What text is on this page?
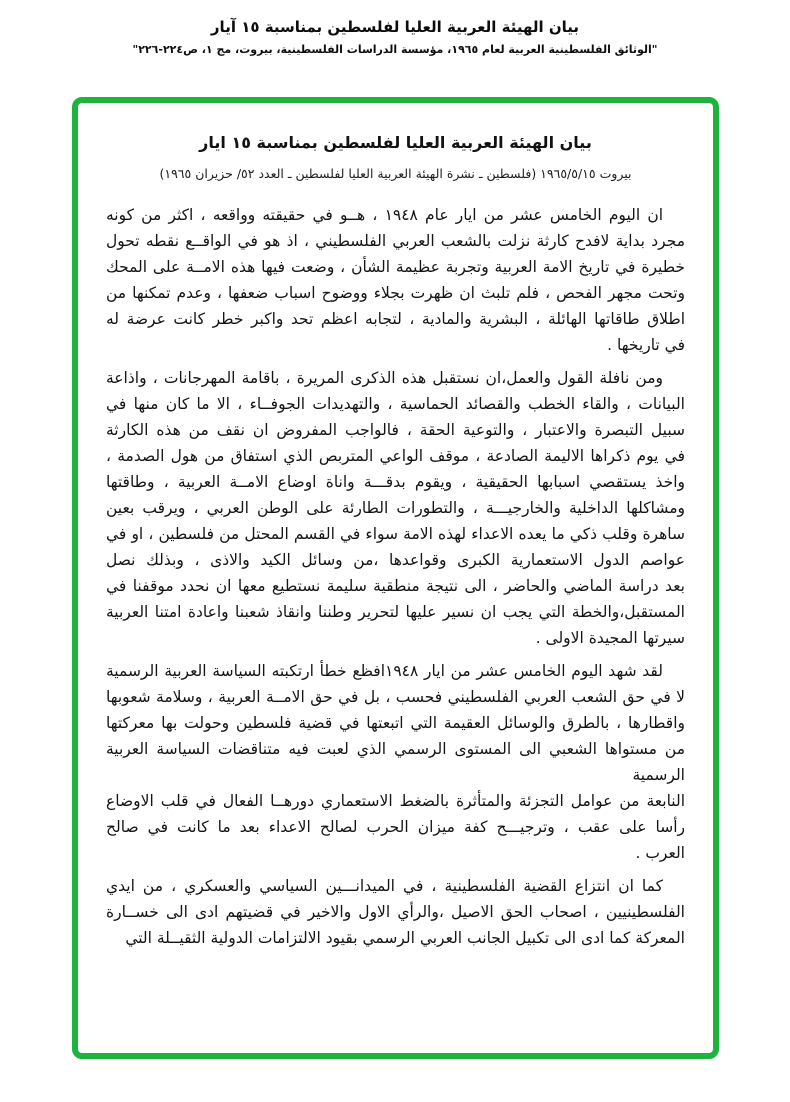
بيان الهيئة العربية العليا لفلسطين بمناسبة ١٥ آيار
"الوثائق الفلسطينية العربية لعام ١٩٦٥، مؤسسة الدراسات الفلسطينية، بيروت، مج ١، ص٢٢٤-٢٢٦"
بيان الهيئة العربية العليا لفلسطين بمناسبة ١٥ ايار
بيروت ١٩٦٥/٥/١٥ (فلسطين ـ نشرة الهيئة العربية العليا لفلسطين ـ العدد ٥٢/ حزيران ١٩٦٥)
ان اليوم الخامس عشر من ايار عام ١٩٤٨ ، هــو في حقيقته وواقعه ، اكثر من كونه
مجرد بداية لافدح كارثة نزلت بالشعب العربي الفلسطيني ، اذ هو في الواقــع نقطه تحول
خطيرة في تاريخ الامة العربية وتجربة عظيمة الشأن ، وضعت فيها هذه الامــة على المحك
وتحت مجهر الفحص ، فلم تلبث ان ظهرت بجلاء ووضوح اسباب ضعفها ، وعدم تمكنها من
اطلاق طاقاتها الهائلة ، البشرية والمادية ، لتجابه اعظم تحد واكبر خطر كانت عرضة له
في تاريخها .
ومن نافلة القول والعمل،ان نستقبل هذه الذكرى المريرة ، باقامة المهرجانات ، واذاعة
البيانات ، والقاء الخطب والقصائد الحماسية ، والتهديدات الجوفــاء ، الا ما كان منها في
سبيل التبصرة والاعتبار ، والتوعية الحقة ، فالواجب المفروض ان نقف من هذه الكارثة
في يوم ذكراها الاليمة الصادعة ، موقف الواعي المتربص الذي استفاق من هول الصدمة ،
واخذ يستقصي اسبابها الحقيقية ، ويقوم بدقـــة واناة اوضاع الامــة العربية ، وطاقتها
ومشاكلها الداخلية والخارجيـــة ، والتطورات الطارئة على الوطن العربي ، ويرقب بعين
ساهرة وقلب ذكي ما يعده الاعداء لهذه الامة سواء في القسم المحتل من فلسطين ، او في
عواصم الدول الاستعمارية الكبرى وقواعدها ،من وسائل الكيد والاذى ، وبذلك نصل
بعد دراسة الماضي والحاضر ، الى نتيجة منطقية سليمة نستطيع معها ان نحدد موقفنا في
المستقبل،والخطة التي يجب ان نسير عليها لتحرير وطننا وانقاذ شعبنا واعادة امتنا العربية
سيرتها المجيدة الاولى .
لقد شهد اليوم الخامس عشر من ايار ١٩٤٨افظع خطأ ارتكبته السياسة العربية الرسمية
لا في حق الشعب العربي الفلسطيني فحسب ، بل في حق الامــة العربية ، وسلامة شعوبها
واقطارها ، بالطرق والوسائل العقيمة التي اتبعتها في قضية فلسطين وحولت بها معركتها
من مستواها الشعبي الى المستوى الرسمي الذي لعبت فيه متناقضات السياسة العربية الرسمية
النابعة من عوامل التجزئة والمتأثرة بالضغط الاستعماري دورهــا الفعال في قلب الاوضاع
رأسا على عقب ، وترجيـــح كفة ميزان الحرب لصالح الاعداء بعد ما كانت في صالح
العرب .
كما ان انتزاع القضية الفلسطينية ، في الميدانـــين السياسي والعسكري ، من ايدي
الفلسطينيين ، اصحاب الحق الاصيل ،والرأي الاول والاخير في قضيتهم ادى الى خســارة
المعركة كما ادى الى تكبيل الجانب العربي الرسمي بقيود الالتزامات الدولية الثقيــلة التي
